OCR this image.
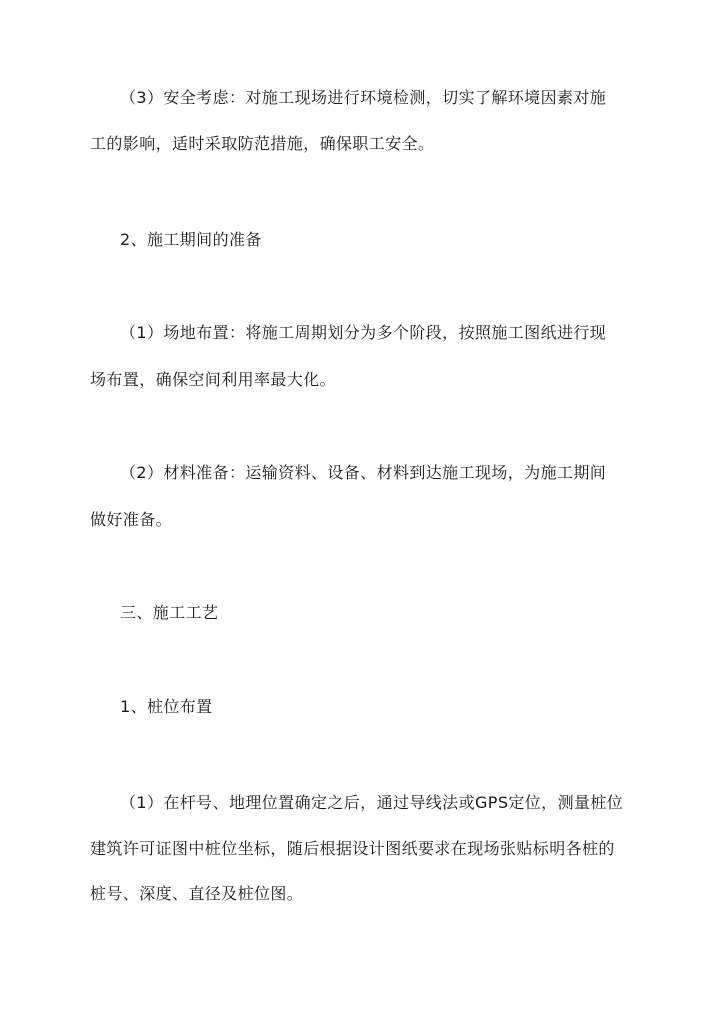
（3）安全考虑：对施工现场进行环境检测，切实了解环境因素对施
工的影响，适时采取防范措施，确保职工安全。
2、施工期间的准备
（1）场地布置：将施工周期划分为多个阶段，按照施工图纸进行现
场布置，确保空间利用率最大化。
（2）材料准备：运输资料、设备、材料到达施工现场，为施工期间
做好准备。
三、施工工艺
1、桩位布置
（1）在杆号、地理位置确定之后，通过导线法或GPS定位，测量桩位
建筑许可证图中桩位坐标，随后根据设计图纸要求在现场张贴标明各桩的
桩号、深度、直径及桩位图。
